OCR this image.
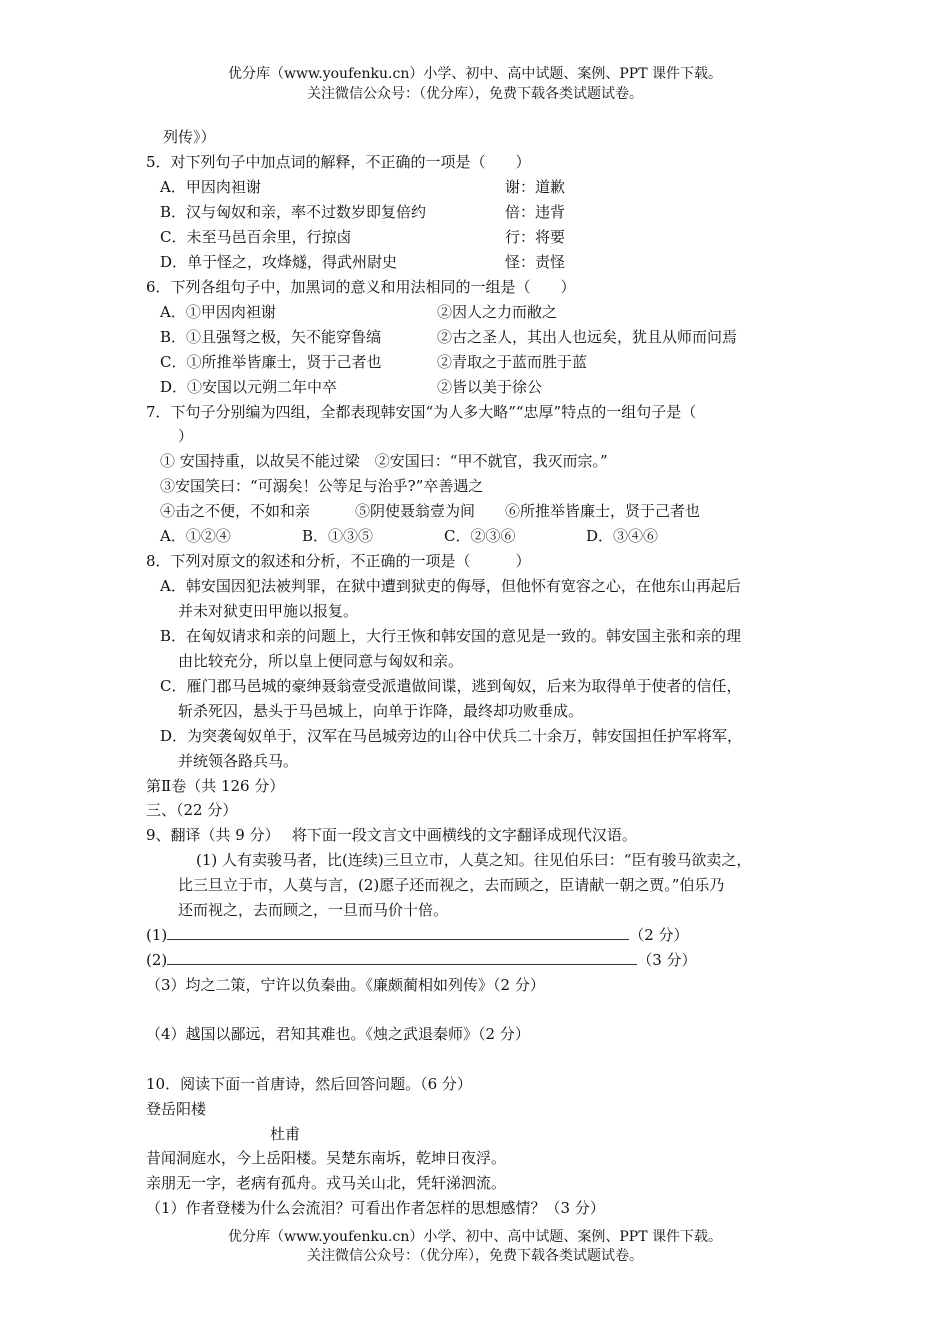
优分库（www.youfenku.cn）小学、初中、高中试题、案例、PPT 课件下载。
关注微信公众号：（优分库），免费下载各类试题试卷。
列传》）
5．对下列句子中加点词的解释，不正确的一项是（　　）
A．甲因肉袒谢	谢：道歉
B．汉与匈奴和亲，率不过数岁即复倍约	倍：违背
C．未至马邑百余里，行掠卤	行：将要
D．单于怪之，攻烽燧，得武州尉史	怪：责怪
6．下列各组句子中，加黑词的意义和用法相同的一组是（　　）
A．①甲因肉袒谢	②因人之力而敝之
B．①且强弩之极，矢不能穿鲁缟	②古之圣人，其出人也远矣，犹且从师而问焉
C．①所推举皆廉士，贤于己者也	②青取之于蓝而胜于蓝
D．①安国以元朔二年中卒	②皆以美于徐公
7．下句子分别编为四组，全都表现韩安国“为人多大略”“忠厚”特点的一组句子是（
）
① 安国持重，以故吴不能过梁　②安国曰：“甲不就官，我灭而宗。”
③安国笑曰：“可溺矣！公等足与治乎?”卒善遇之
④击之不便，不如和亲　　　⑤阴使聂翁壹为间　　⑥所推举皆廉士，贤于己者也
A．①②④	B．①③⑤	C．②③⑥	D．③④⑥
8．下列对原文的叙述和分析，不正确的一项是（　　　）
A．韩安国因犯法被判罪，在狱中遭到狱吏的侮辱，但他怀有宽容之心，在他东山再起后
并未对狱吏田甲施以报复。
B．在匈奴请求和亲的问题上，大行王恢和韩安国的意见是一致的。韩安国主张和亲的理
由比较充分，所以皇上便同意与匈奴和亲。
C．雁门郡马邑城的豪绅聂翁壹受派遣做间谍，逃到匈奴，后来为取得单于使者的信任，
斩杀死囚，悬头于马邑城上，向单于诈降，最终却功败垂成。
D．为突袭匈奴单于，汉军在马邑城旁边的山谷中伏兵二十余万，韩安国担任护军将军，
并统领各路兵马。
第Ⅱ卷（共 126 分）
三、（22 分）
9、翻译（共 9 分）　 将下面一段文言文中画横线的文字翻译成现代汉语。
(1) 人有卖骏马者，比(连续)三旦立市，人莫之知。往见伯乐曰：“臣有骏马欲卖之，
比三旦立于市，人莫与言，(2)愿子还而视之，去而顾之，臣请献一朝之贾。”伯乐乃
还而视之，去而顾之，一旦而马价十倍。
(1)	（2 分）
(2)	（3 分）
（3）均之二策，宁许以负秦曲。《廉颇蔺相如列传》（2 分）
（4）越国以鄙远，君知其难也。《烛之武退秦师》（2 分）
10．阅读下面一首唐诗，然后回答问题。（6 分）
登岳阳楼
杜甫
昔闻洞庭水，今上岳阳楼。吴楚东南坼，乾坤日夜浮。
亲朋无一字，老病有孤舟。戎马关山北，凭轩涕泗流。
（1）作者登楼为什么会流泪？可看出作者怎样的思想感情？（3 分）
优分库（www.youfenku.cn）小学、初中、高中试题、案例、PPT 课件下载。
关注微信公众号：（优分库），免费下载各类试题试卷。
